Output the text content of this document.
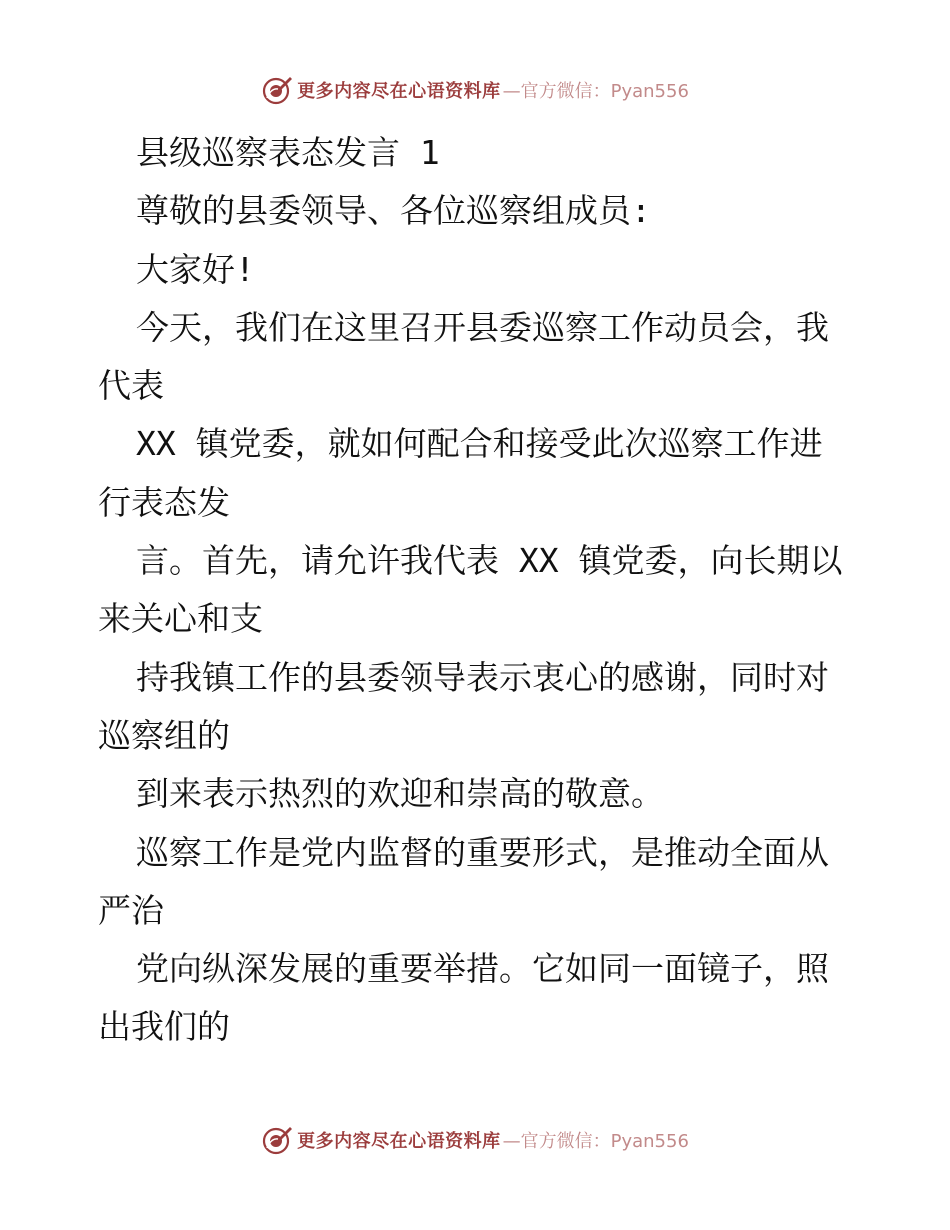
更多内容尽在心语资料库 —官方微信：Pyan556
县级巡察表态发言 1
尊敬的县委领导、各位巡察组成员:
大家好!
今天，我们在这里召开县委巡察工作动员会，我
代表
XX 镇党委，就如何配合和接受此次巡察工作进
行表态发
言。首先，请允许我代表 XX 镇党委，向长期以
来关心和支
持我镇工作的县委领导表示衷心的感谢，同时对
巡察组的
到来表示热烈的欢迎和崇高的敬意。
巡察工作是党内监督的重要形式，是推动全面从
严治
党向纵深发展的重要举措。它如同一面镜子，照
出我们的
更多内容尽在心语资料库 —官方微信：Pyan556
